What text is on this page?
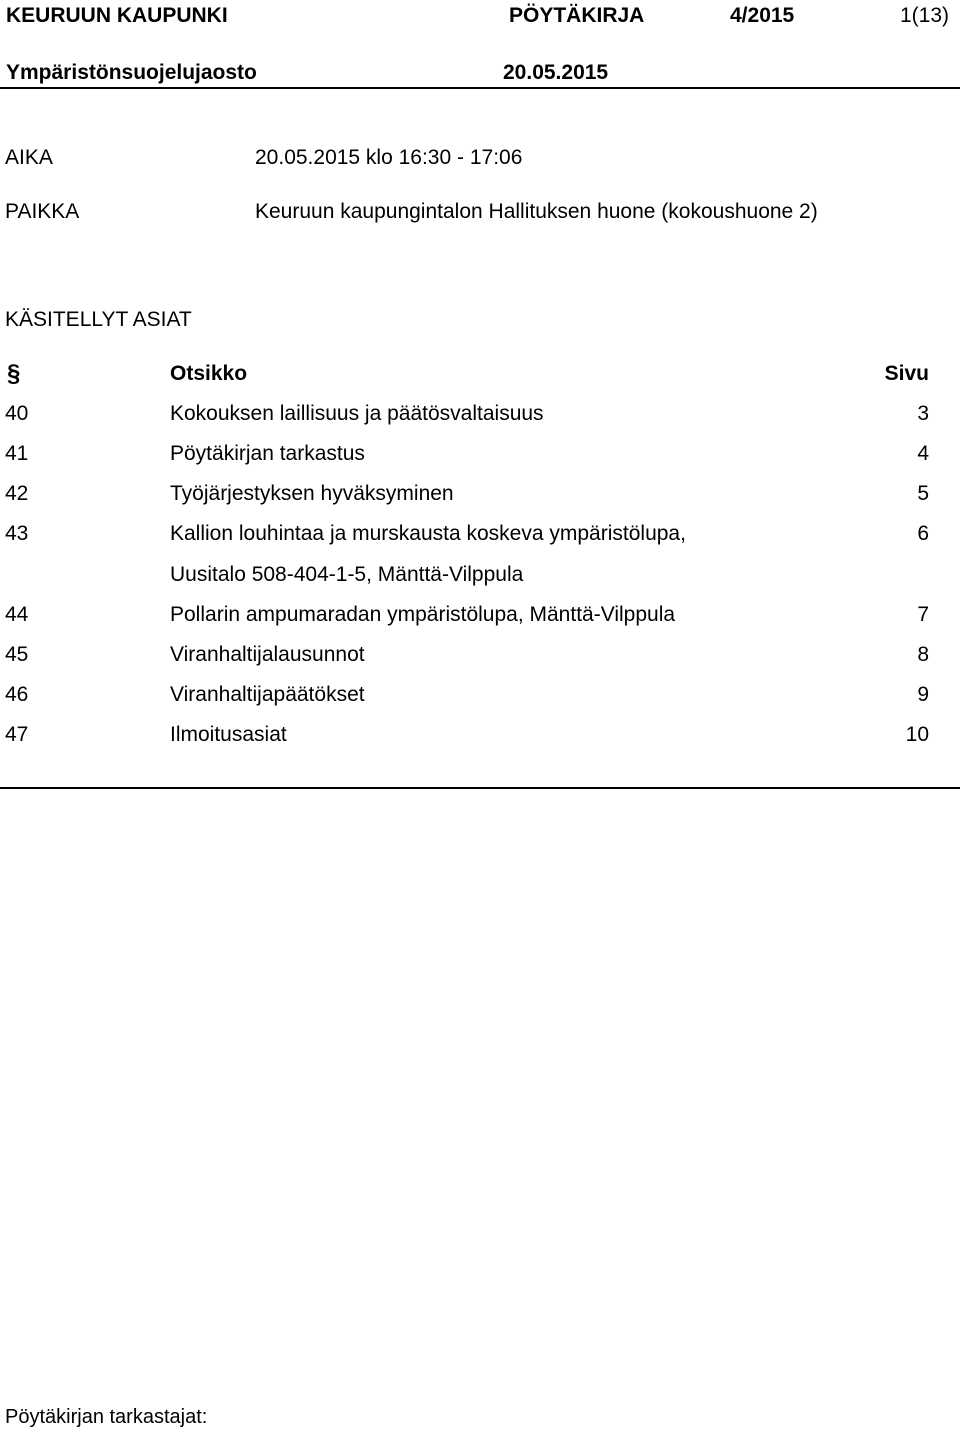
KEURUUN KAUPUNKI	PÖYTÄKIRJA	4/2015	1(13)
Ympäristönsuojelujaosto	20.05.2015
AIKA	20.05.2015 klo 16:30 - 17:06
PAIKKA	Keuruun kaupungintalon Hallituksen huone (kokoushuone 2)
KÄSITELLYT ASIAT
§	Otsikko	Sivu
40	Kokouksen laillisuus ja päätösvaltaisuus	3
41	Pöytäkirjan tarkastus	4
42	Työjärjestyksen hyväksyminen	5
43	Kallion louhintaa ja murskausta koskeva ympäristölupa,	6
Uusitalo 508-404-1-5, Mänttä-Vilppula
44	Pollarin ampumaradan ympäristölupa, Mänttä-Vilppula	7
45	Viranhaltijalausunnot	8
46	Viranhaltijapäätökset	9
47	Ilmoitusasiat	10
Pöytäkirjan tarkastajat:
